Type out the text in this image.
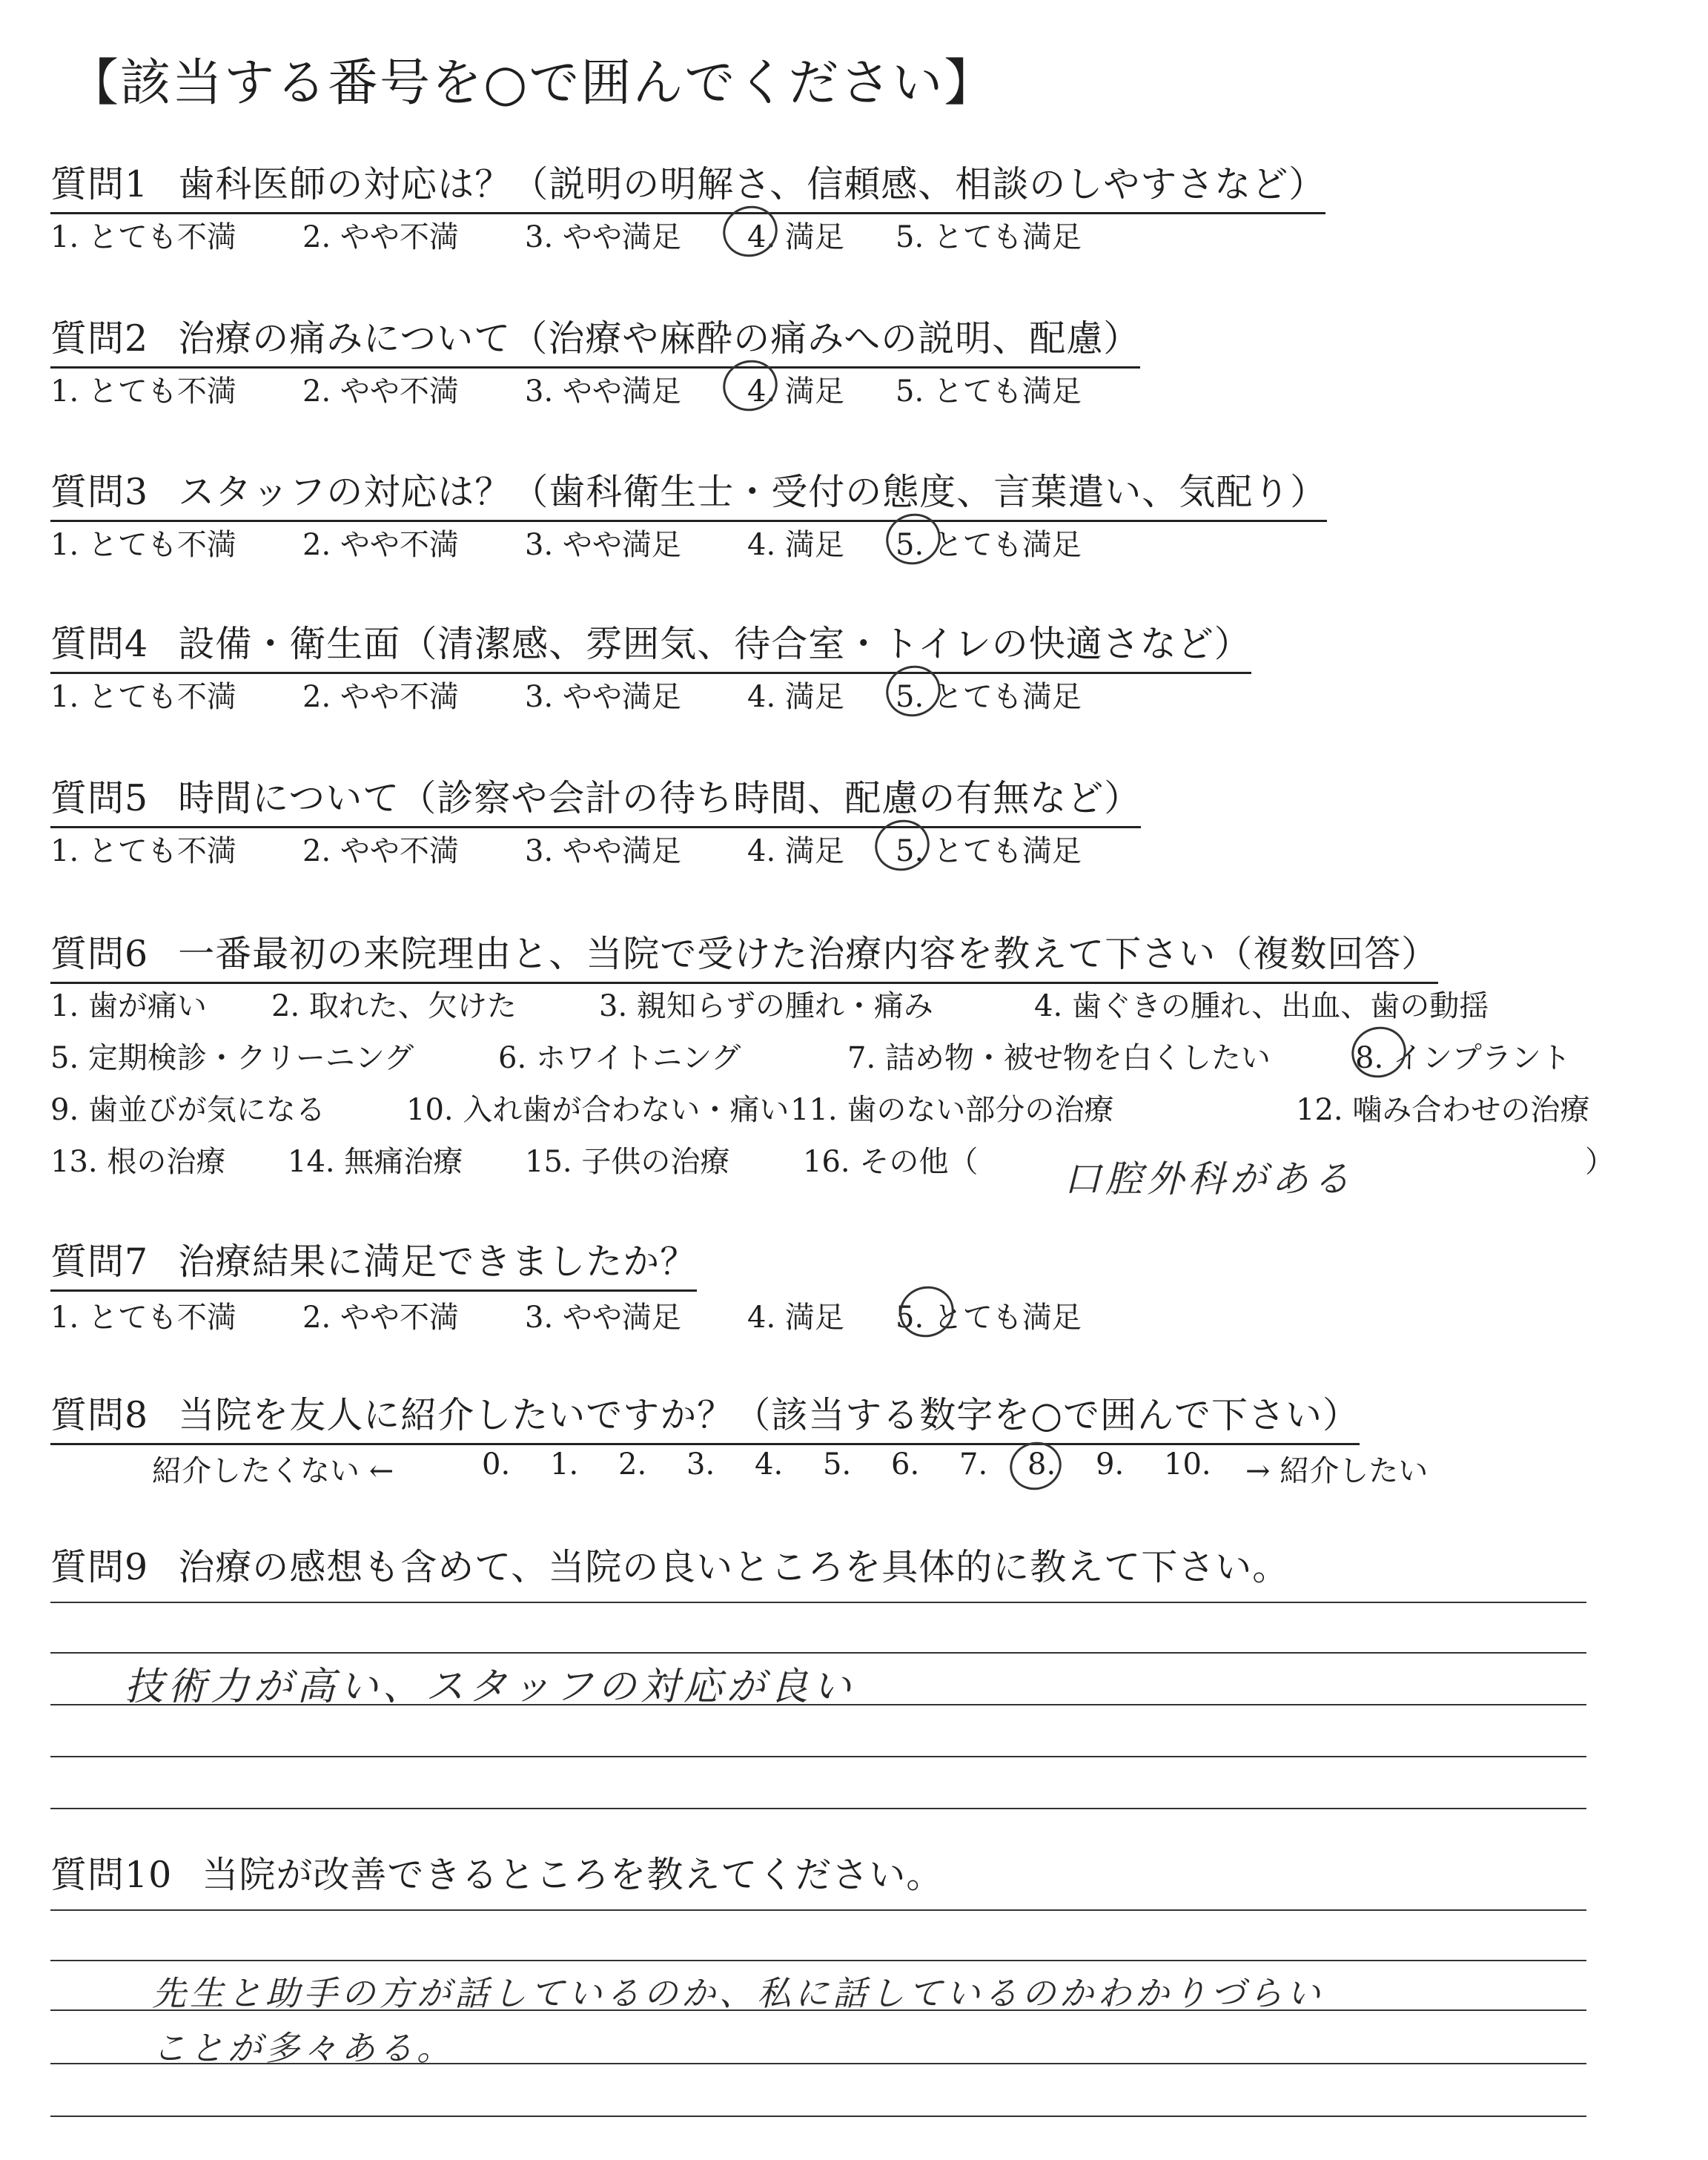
【該当する番号を○で囲んでください】
質問1 歯科医師の対応は？（説明の明解さ、信頼感、相談のしやすさなど）
1. とても不満 2. やや不満 3. やや満足 4. 満足 5. とても満足
質問2 治療の痛みについて（治療や麻酔の痛みへの説明、配慮）
1. とても不満 2. やや不満 3. やや満足 4. 満足 5. とても満足
質問3 スタッフの対応は？（歯科衛生士・受付の態度、言葉遣い、気配り）
1. とても不満 2. やや不満 3. やや満足 4. 満足 5. とても満足
質問4 設備・衛生面（清潔感、雰囲気、待合室・トイレの快適さなど）
1. とても不満 2. やや不満 3. やや満足 4. 満足 5. とても満足
質問5 時間について（診察や会計の待ち時間、配慮の有無など）
1. とても不満 2. やや不満 3. やや満足 4. 満足 5. とても満足
質問6 一番最初の来院理由と、当院で受けた治療内容を教えて下さい（複数回答）
1. 歯が痛い 2. 取れた、欠けた	3. 親知らずの腫れ・痛み	4. 歯ぐきの腫れ、出血、歯の動揺
5. 定期検診・クリーニング	6. ホワイトニング	7. 詰め物・被せ物を白くしたい	8. インプラント
9. 歯並びが気になる	10. 入れ歯が合わない・痛い 11. 歯のない部分の治療	12. 噛み合わせの治療
13. 根の治療 14. 無痛治療 15. 子供の治療 16. その他（	）
口腔外科がある
質問7 治療結果に満足できましたか？
1. とても不満 2. やや不満 3. やや満足 4. 満足 5. とても満足
質問8 当院を友人に紹介したいですか？（該当する数字を○で囲んで下さい）
紹介したくない ←	0. 1. 2. 3. 4. 5. 6. 7. 8. 9. 10. → 紹介したい
質問9 治療の感想も含めて、当院の良いところを具体的に教えて下さい。
技術力が高い、スタッフの対応が良い
質問10 当院が改善できるところを教えてください。
先生と助手の方が話しているのか、私に話しているのかわかりづらい
ことが多々ある。
